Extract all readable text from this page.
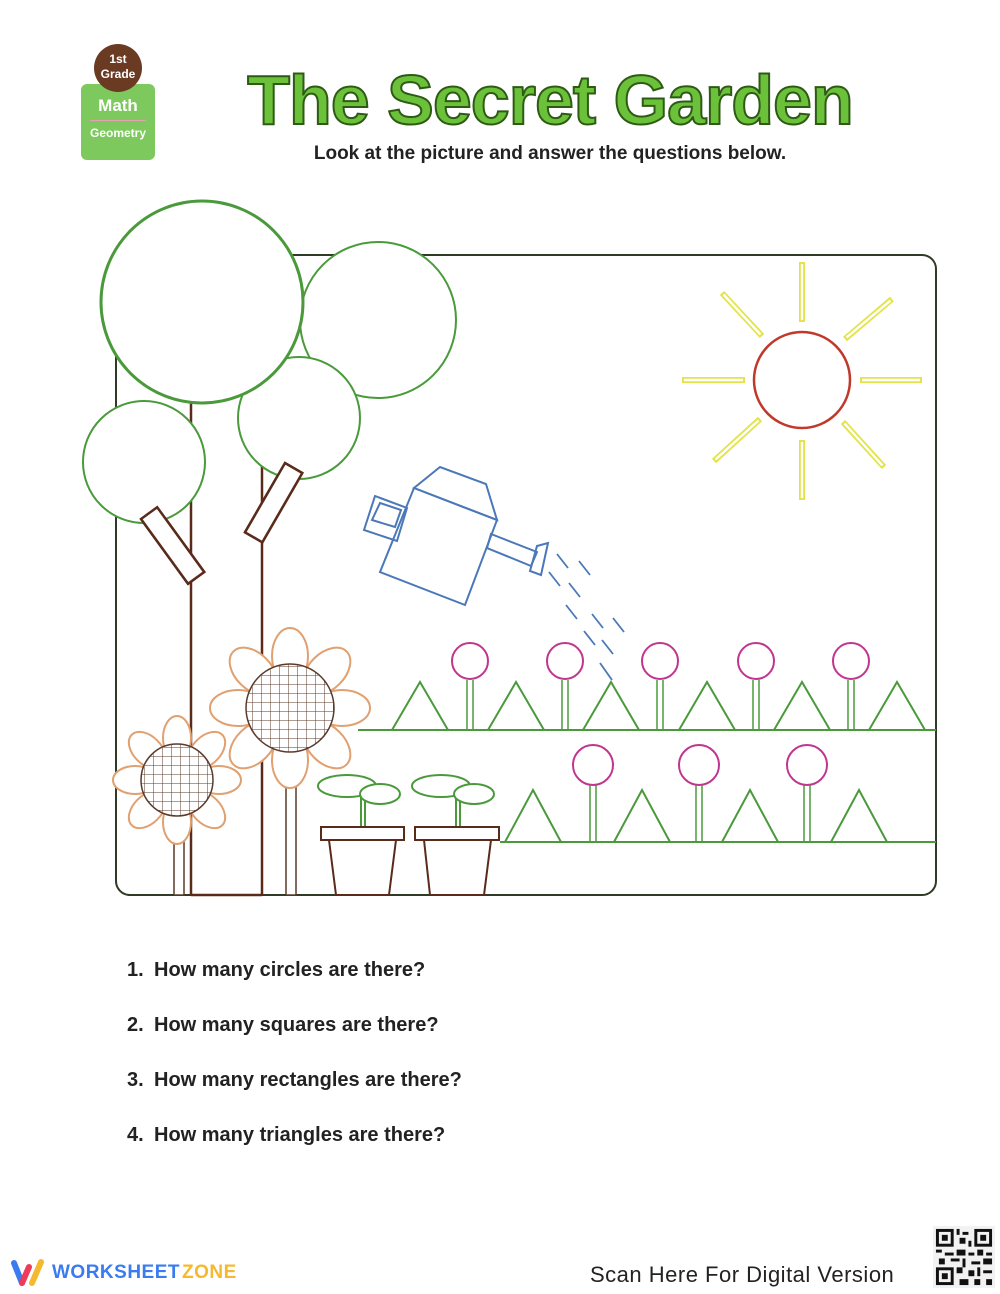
1st
Grade
Math
Geometry	The Secret Garden
Look at the picture and answer the questions below.
1. How many circles are there?
2. How many squares are there?
3. How many rectangles are there?
4. How many triangles are there?
WORKSHEET ZONE	Scan Here For Digital Version
